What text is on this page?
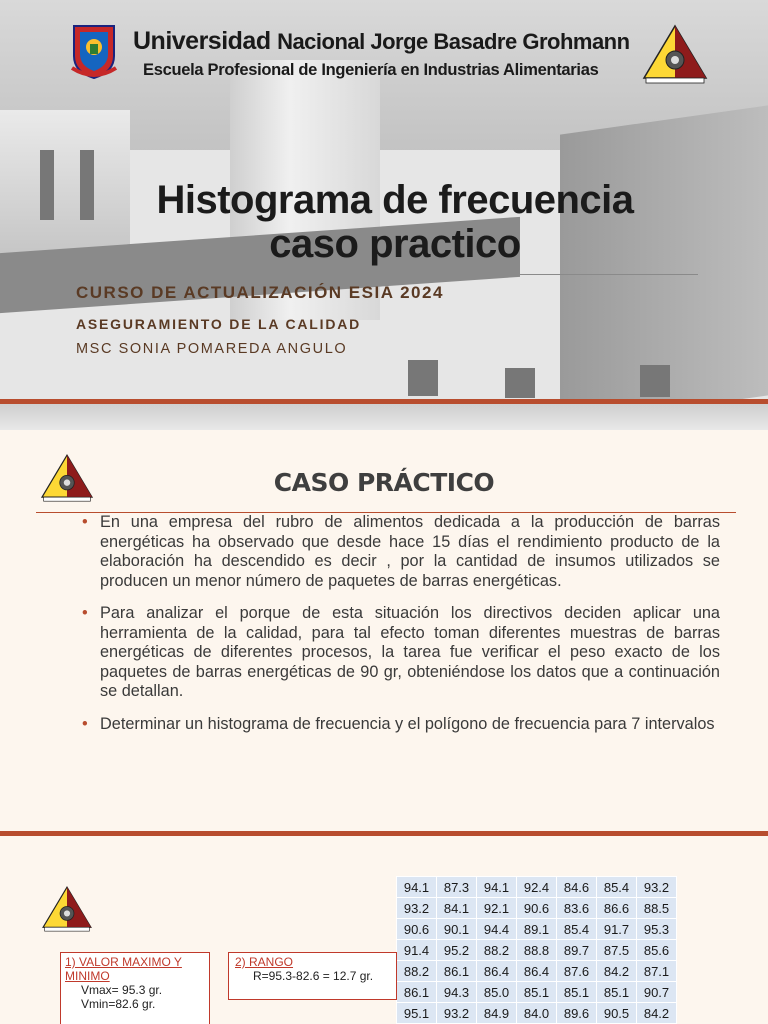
Universidad Nacional Jorge Basadre Grohmann
Escuela Profesional de Ingeniería en Industrias Alimentarias
Histograma de frecuencia
caso practico
CURSO DE ACTUALIZACIÓN ESIA 2024
ASEGURAMIENTO DE LA CALIDAD
MSC SONIA POMAREDA ANGULO
CASO PRÁCTICO
• En una empresa del rubro de alimentos dedicada a la producción de barras energéticas ha observado que desde hace 15 días el rendimiento producto de la elaboración ha descendido es decir , por la cantidad de insumos utilizados se producen un menor número de paquetes de barras energéticas.
• Para analizar el porque de esta situación los directivos deciden aplicar una herramienta de la calidad, para tal efecto toman diferentes muestras de barras energéticas de diferentes procesos, la tarea fue verificar el peso exacto de los paquetes de barras energéticas de 90 gr, obteniéndose los datos que a continuación se detallan.
• Determinar un histograma de frecuencia y el polígono de frecuencia para 7 intervalos
94.1	87.3	94.1	92.4	84.6	85.4	93.2
93.2	84.1	92.1	90.6	83.6	86.6	88.5
90.6	90.1	94.4	89.1	85.4	91.7	95.3
91.4	95.2	88.2	88.8	89.7	87.5	85.6
88.2	86.1	86.4	86.4	87.6	84.2	87.1
86.1	94.3	85.0	85.1	85.1	85.1	90.7
95.1	93.2	84.9	84.0	89.6	90.5	84.2
1) VALOR MAXIMO Y
MINIMO
Vmax= 95.3 gr.
Vmin=82.6 gr.
2) RANGO
R=95.3-82.6 = 12.7 gr.
